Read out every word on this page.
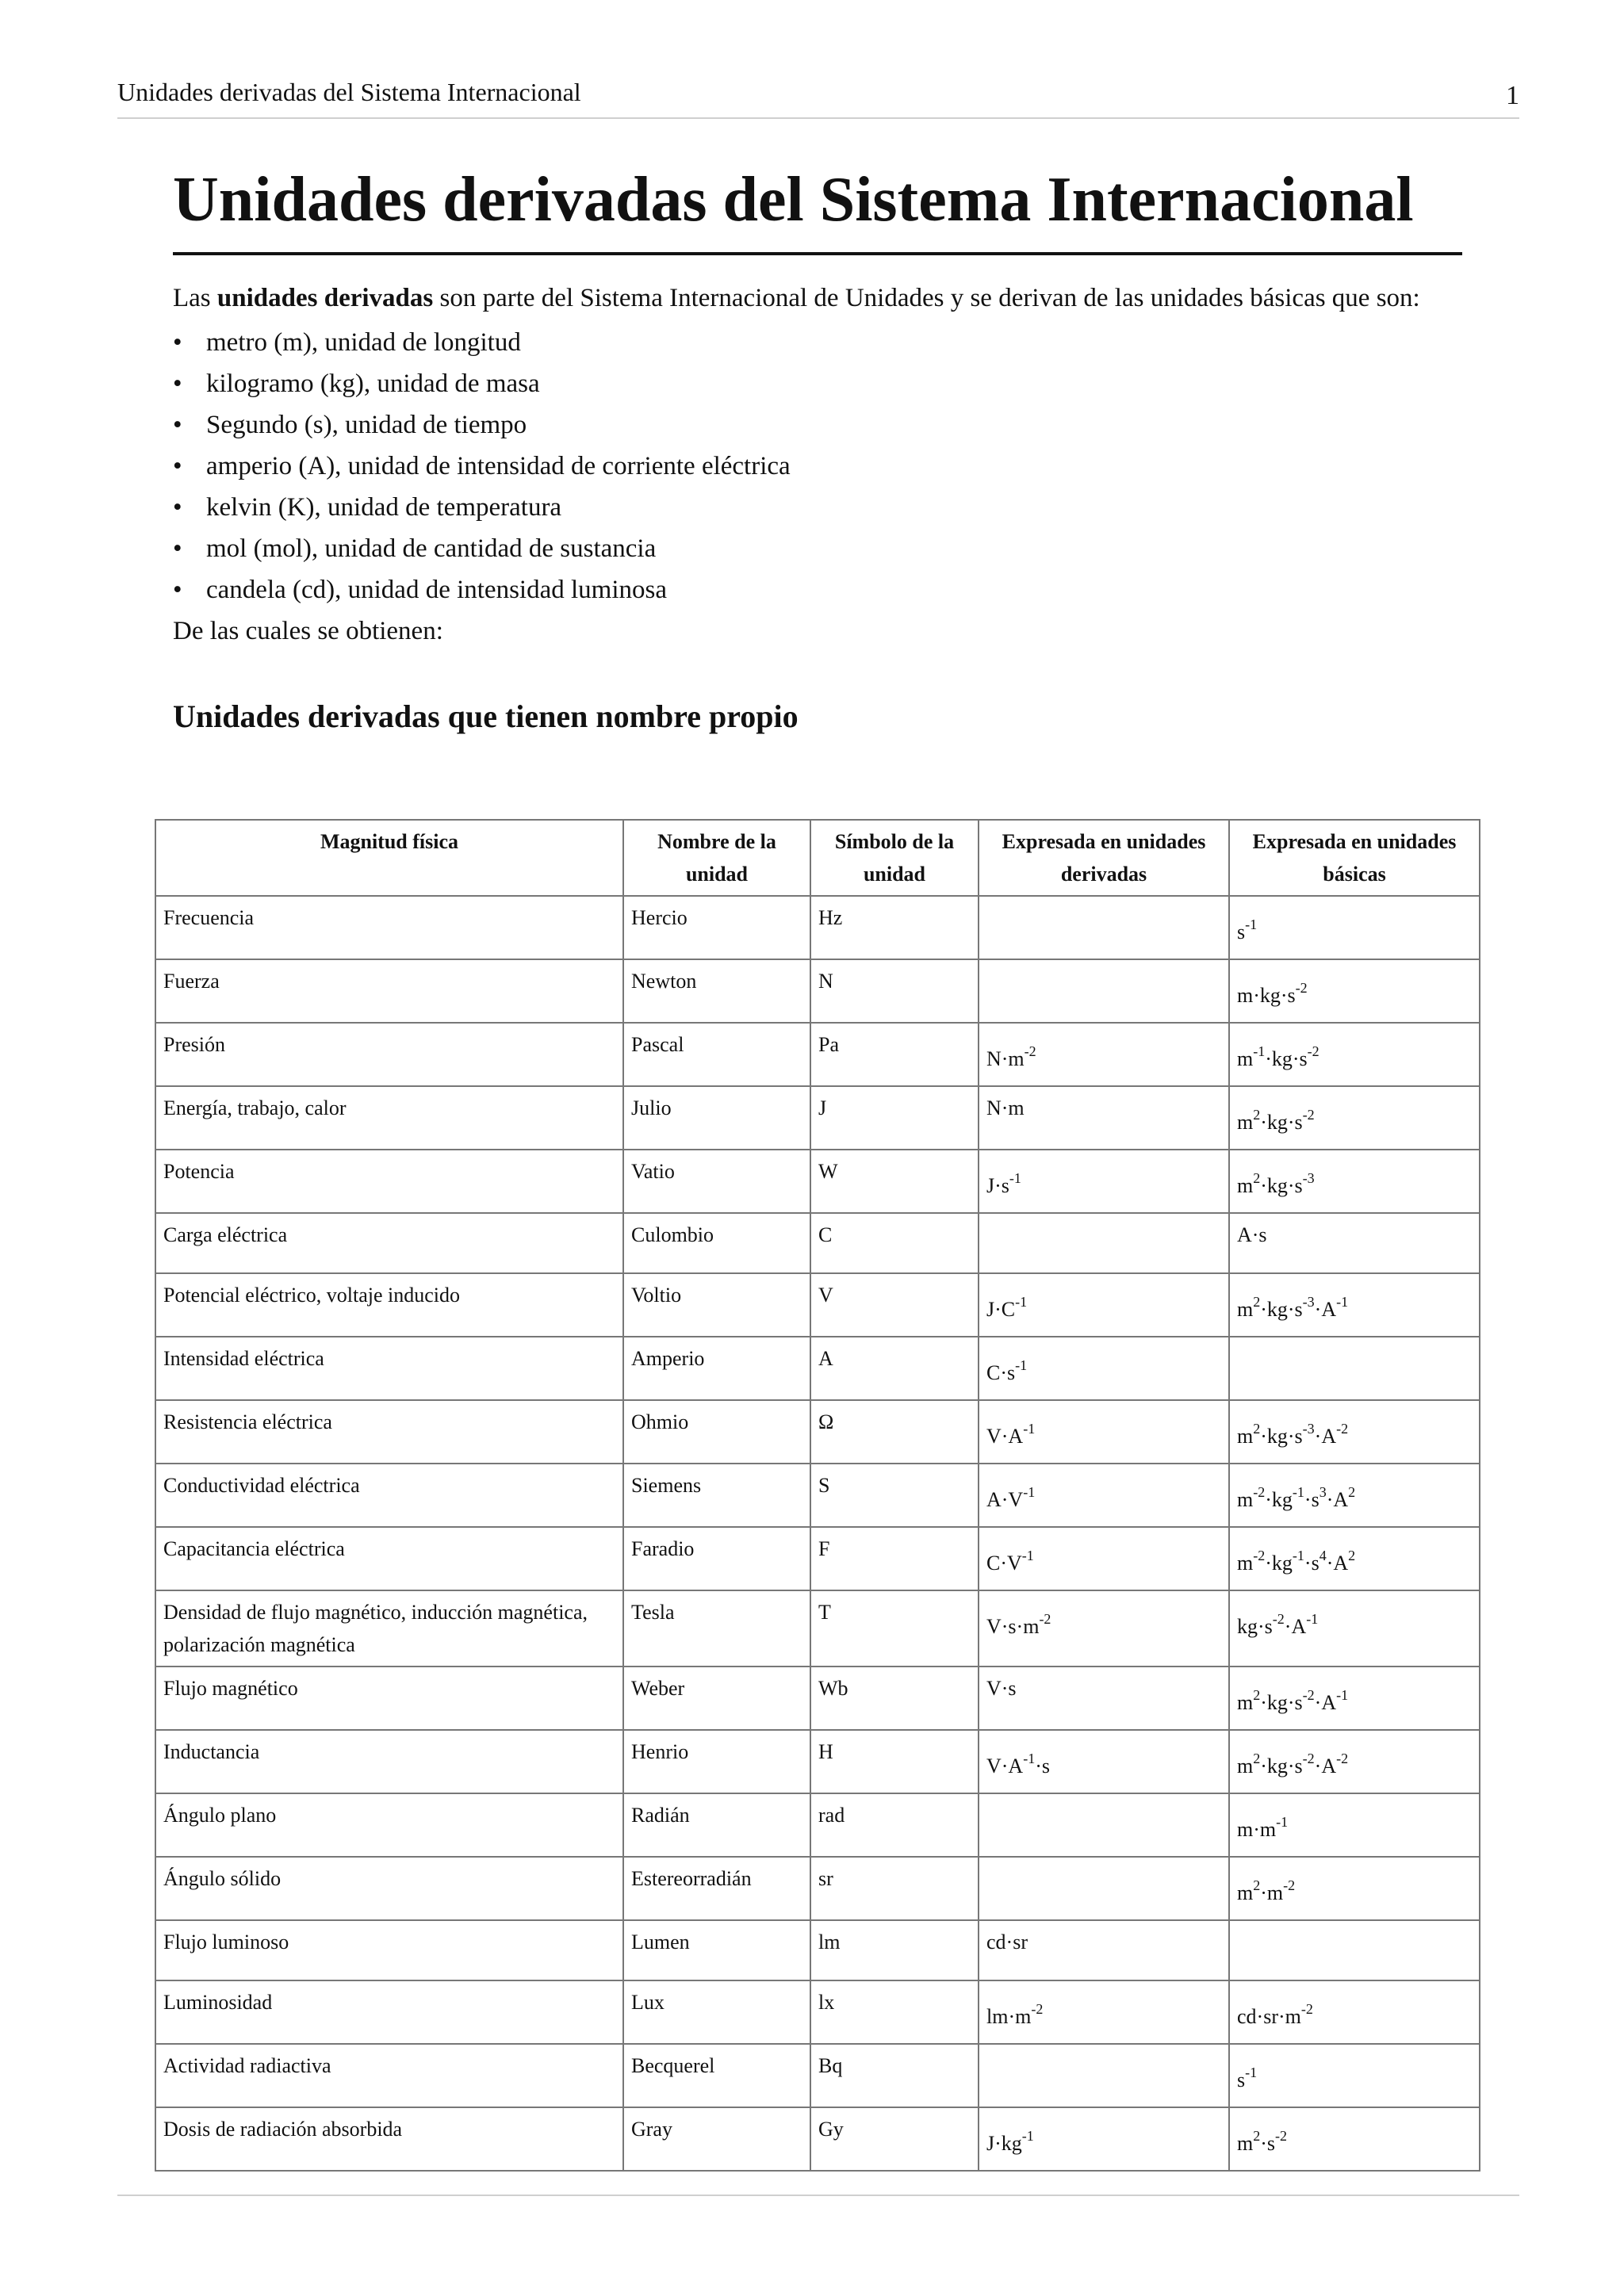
Unidades derivadas del Sistema Internacional	1
Unidades derivadas del Sistema Internacional

Las unidades derivadas son parte del Sistema Internacional de Unidades y se derivan de las unidades básicas que son:

• metro (m), unidad de longitud
• kilogramo (kg), unidad de masa
• Segundo (s), unidad de tiempo
• amperio (A), unidad de intensidad de corriente eléctrica
• kelvin (K), unidad de temperatura
• mol (mol), unidad de cantidad de sustancia
• candela (cd), unidad de intensidad luminosa

De las cuales se obtienen:

Unidades derivadas que tienen nombre propio
Magnitud física	Nombre de la unidad	Símbolo de la unidad	Expresada en unidades derivadas	Expresada en unidades básicas

Frecuencia	Hercio	Hz		$s^{-1}$

Fuerza	Newton	N		$m\cdot kg\cdot s^{-2}$

Presión	Pascal	Pa	$N\cdot m^{-2}$	$m^{-1}\cdot kg\cdot s^{-2}$

Energía, trabajo, calor	Julio	J	N·m	$m^2\cdot kg\cdot s^{-2}$

Potencia	Vatio	W	$J\cdot s^{-1}$	$m^2\cdot kg\cdot s^{-3}$

Carga eléctrica	Culombio	C		A·s

Potencial eléctrico, voltaje inducido	Voltio	V	$J\cdot C^{-1}$	$m^2\cdot kg\cdot s^{-3}\cdot A^{-1}$

Intensidad eléctrica	Amperio	A	$C\cdot s^{-1}$	

Resistencia eléctrica	Ohmio	Ω	$V\cdot A^{-1}$	$m^2\cdot kg\cdot s^{-3}\cdot A^{-2}$

Conductividad eléctrica	Siemens	S	$A\cdot V^{-1}$	$m^{-2}\cdot kg^{-1}\cdot s^3\cdot A^2$

Capacitancia eléctrica	Faradio	F	$C\cdot V^{-1}$	$m^{-2}\cdot kg^{-1}\cdot s^4\cdot A^2$

Densidad de flujo magnético, inducción magnética, polarización magnética	Tesla	T	$V\cdot s\cdot m^{-2}$	$kg\cdot s^{-2}\cdot A^{-1}$

Flujo magnético	Weber	Wb	V·s	$m^2\cdot kg\cdot s^{-2}\cdot A^{-1}$

Inductancia	Henrio	H	$V\cdot A^{-1}\cdot s$	$m^2\cdot kg\cdot s^{-2}\cdot A^{-2}$

Ángulo plano	Radián	rad		$m\cdot m^{-1}$

Ángulo sólido	Estereorradián	sr		$m^2\cdot m^{-2}$

Flujo luminoso	Lumen	lm	cd·sr	

Luminosidad	Lux	lx	$lm\cdot m^{-2}$	$cd\cdot sr\cdot m^{-2}$

Actividad radiactiva	Becquerel	Bq		$s^{-1}$

Dosis de radiación absorbida	Gray	Gy	$J\cdot kg^{-1}$	$m^2\cdot s^{-2}$
